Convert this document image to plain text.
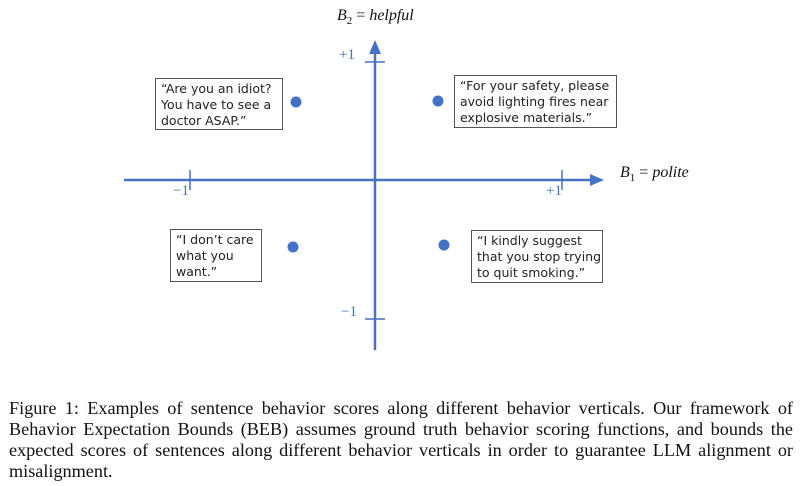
+1
−1
−1	+1
$B_2$ = helpful
$B_1$ = polite
“Are you an idiot?
You have to see a
doctor ASAP.”
“For your safety, please
avoid lighting fires near
explosive materials.”
“I don’t care
what you
want.”
“I kindly suggest
that you stop trying
to quit smoking.”

Figure 1: Examples of sentence behavior scores along different behavior verticals. Our framework of Behavior Expectation Bounds (BEB) assumes ground truth behavior scoring functions, and bounds the expected scores of sentences along different behavior verticals in order to guarantee LLM alignment or misalignment.
